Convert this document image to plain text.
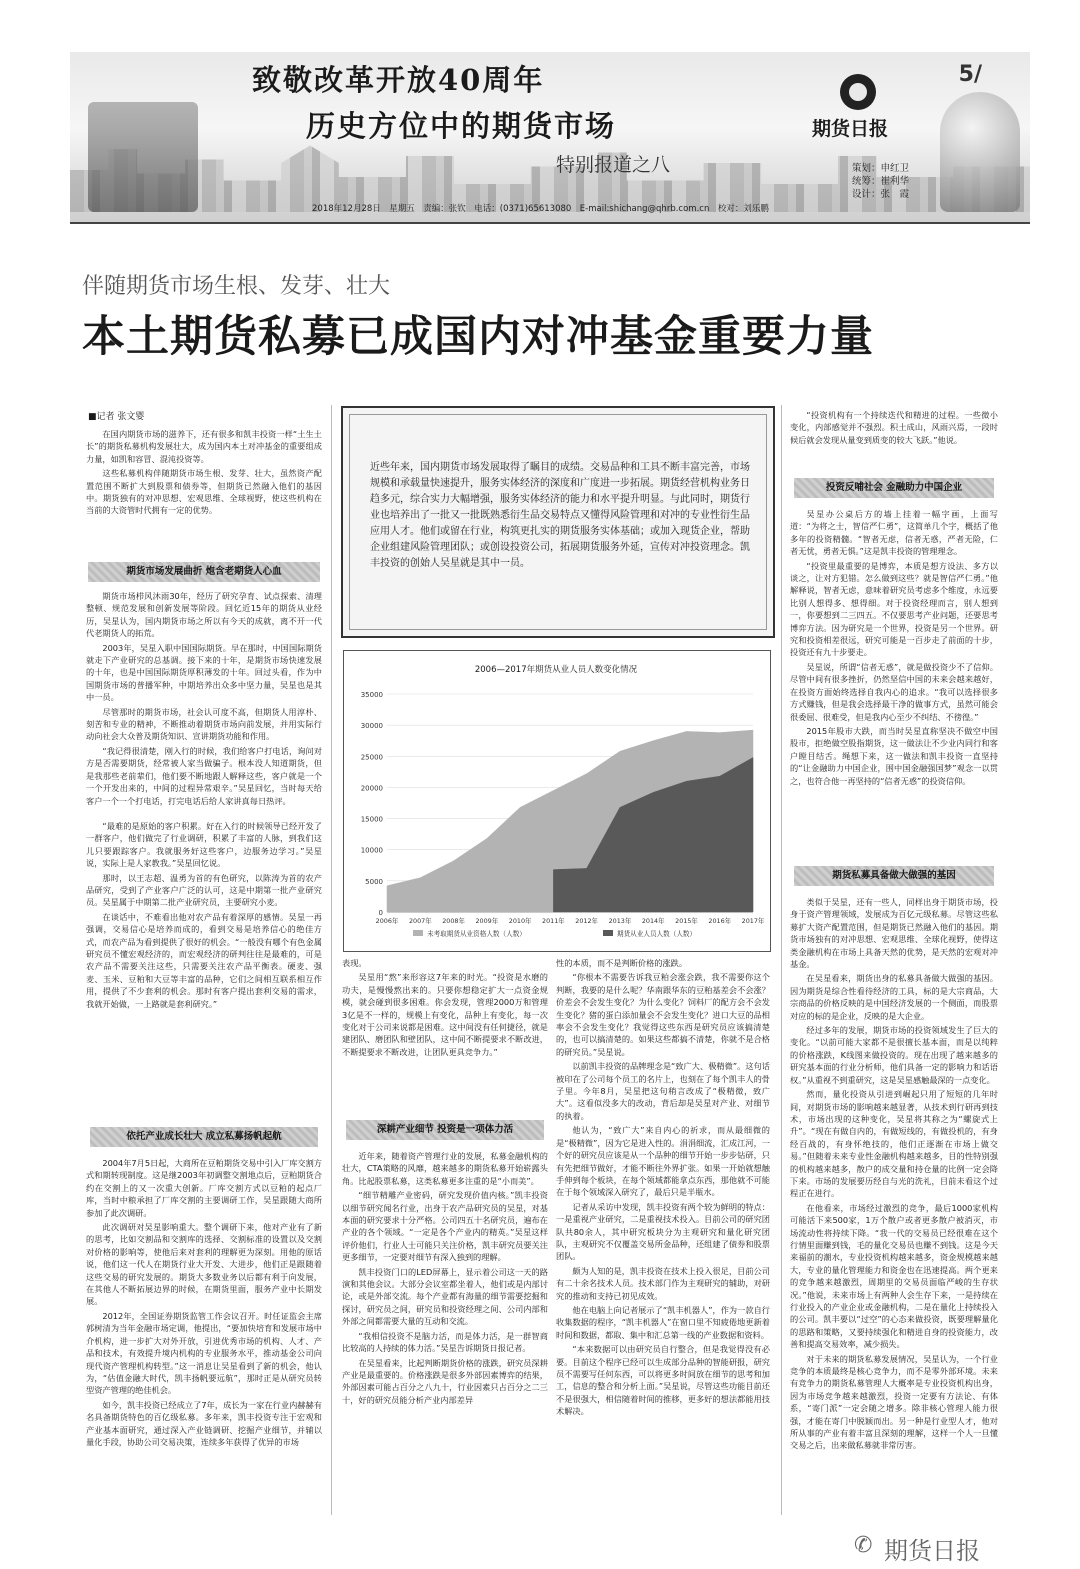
致敬改革开放40周年
历史方位中的期货市场
特别报道之八
5/
期货日报
策划：申红卫
统筹：崔利华
设计：张　霞
2018年12月28日　星期五　责编：张钦　电话：(0371)65613080　E-mail:shichang@qhrb.com.cn　校对：刘乐鹏
伴随期货市场生根、发芽、壮大
本土期货私募已成国内对冲基金重要力量
■记者 张文婴

在国内期货市场的滋养下，还有很多和凯丰投资一样“土生土长”的期货私募机构发展壮大，成为国内本土对冲基金的重要组成力量，如凯和容冒、混沌投资等。

这些私募机构伴随期货市场生根、发芽、壮大，虽然资产配置范围不断扩大到股票和债券等，但期货已然融入他们的基因中。期货独有的对冲思想、宏观思维、全球视野，使这些机构在当前的大资管时代拥有一定的优势。

期货市场发展曲折 炮含老期货人心血

期货市场栉风沐雨30年，经历了研究孕育、试点探索、清理整顿、规范发展和创新发展等阶段。回忆近15年的期货从业经历，吴星认为，国内期货市场之所以有今天的成就，离不开一代代老期货人的拓荒。

2003年，吴星入职中国国际期货。早在那时，中国国际期货就走下产业研究的总基调。接下来的十年，是期货市场快速发展的十年，也是中国国际期货厚积薄发的十年。回过头看，作为中国期货市场的普播军种，中期培养出众多中坚力量，吴星也是其中一员。

尽管那时的期货市场，社会认可度不高，但期货人用淳朴、刻苦和专业的精神，不断推动着期货市场向前发展，并用实际行动向社会大众普及期货知识、宣讲期货功能和作用。

“我记得很清楚，刚入行的时候，我们给客户打电话，询问对方是否需要期货，经常被人家当做骗子。根本没人知道期货，但是我那些老前辈们，他们要不断地跟人解释这些，客户就是一个一个开发出来的，中间的过程异常艰辛。”吴星回忆，当时每天给客户一个一个打电话，打完电话后给人家讲真每日热评。

“最难的是原始的客户积累。好在入行的时候领导已经开发了一群客户，他们做完了行业调研，积累了丰富的人脉，到我们这儿只要跟踪客户。我就服务好这些客户，边服务边学习。”吴星说，实际上是人家教我。”吴星回忆说。

那时，以王志超、温勇为首的有色研究，以陈涛为首的农产品研究，受到了产业客户广泛的认可，这是中期第一批产业研究员。吴星属于中期第二批产业研究员，主要研究小麦。

在谈话中，不难看出他对农产品有着深厚的感情。吴星一再强调，交易信心是培养而成的，看到交易是培养信心的绝佳方式，而农产品为看到提供了很好的机会。“一般没有哪个有色金属研究员不懂宏观经济的，而宏观经济的研判往往是最难的，可是农产品不需要关注这些，只需要关注农产品平衡表。硬麦、强麦、玉米、豆粕和大豆等丰富的品种，它们之间相互联系相互作用，提供了不少套利的机会。那时有客户提出套利交易的需求，我就开始做，一上路就是套利研究。”

依托产业成长壮大 成立私募扬帆起航

2004年7月5日起，大商所在豆粕期货交易中引入厂库交割方式和期转现制度。这是继2003年初调整交割地点后，豆粕期货合约在交割上的又一次重大创新。厂库交割方式以豆粕的起点厂库，当时中粮承担了厂库交割的主要调研工作，吴星跟随大商所参加了此次调研。

此次调研对吴星影响重大。整个调研下来，他对产业有了新的思考，比如交割品和交割库的选择、交割标准的设置以及交割对价格的影响等，使他后来对套利的理解更为深刻。用他的原话说，他们这一代人在期货行业大开发、大进步，他们正是跟随着这些交易的研究发展的。期货大多数业务以后都有利于向发展，在其他人不断拓展边界的时候，在期货里面，服务产业中长期发展。

2012年，全国证券期货监管工作会议召开。时任证监会主席郭树清为当年金融市场定调，他提出，“要加快培育和发展市场中介机构，进一步扩大对外开放，引进优秀市场的机构、人才、产品和技术，有效提升境内机构的专业服务水平，推动基金公司向现代资产管理机构转型。”这一消息让吴星看到了新的机会，他认为，“估值金融大时代，凯丰扬帆要远航”，那时正是从研究员转型资产管理的绝佳机会。

如今，凯丰投资已经成立了7年，成长为一家在行业内赫赫有名具备期货特色的百亿级私募。多年来，凯丰投资专注于宏观和产业基本面研究，通过深入产业链调研、挖掘产业细节，并辅以量化手段，协助公司交易决策，连续多年获得了优异的市场

近些年来，国内期货市场发展取得了瞩目的成绩。交易品种和工具不断丰富完善，市场规模和承载量快速提升，服务实体经济的深度和广度进一步拓展。期货经营机构业务日趋多元，综合实力大幅增强，服务实体经济的能力和水平提升明显。与此同时，期货行业也培养出了一批又一批既熟悉衍生品交易特点又懂得风险管理和对冲的专业性衍生品应用人才。他们或留在行业，构筑更扎实的期货服务实体基础；或加入现货企业，帮助企业组建风险管理团队；或创设投资公司，拓展期货服务外延，宣传对冲投资理念。凯丰投资的创始人吴星就是其中一员。
2006—2017年期货从业人员人数变化情况
0
5000
10000
15000
20000
25000
30000
35000
2006年 2007年 2008年 2009年 2010年 2011年 2012年 2013年 2014年 2015年 2016年 2017年
未考取期货从业资格人数（人数）	期货从业人员人数（人数）

表现。

吴星用“熬”来形容这7年来的时光。“投资是水磨的功夫，是慢慢熬出来的。只要你想稳定扩大一点资金规模，就会碰到很多困难。你会发现，管理2000万和管理3亿是不一样的，规模上有变化，品种上有变化，每一次变化对于公司来说都是困难。这中间没有任何捷径，就是建团队、磨团队和壁团队，这中间不断提要求不断改进，不断提要求不断改进，让团队更具竞争力。”

深耕产业细节 投资是一项体力活

近年来，随着资产管理行业的发展，私募金融机构的壮大，CTA策略的风靡，越来越多的期货私募开始崭露头角。比起股票私募，这类私募更多注重的是“小而美”。

“细节精雕产业密码，研究发现价值内核。”凯丰投资以细节研究闻名行业，出身于农产品研究员的吴星，对基本面的研究要求十分严格。公司四五十名研究员，遍布在产业的各个领域。“一定是各个产业内的精英。”吴星这样评价他们，行业人士可能只关注价格，凯丰研究员要关注更多细节，一定要对细节有深入独到的理解。

凯丰投资门口的LED屏幕上，显示着公司这一天的路演和其他会议。大部分会议室都坐着人，他们或是内部讨论，或是外部交流。每个产业都有海量的细节需要挖掘和探讨，研究员之间，研究员和投资经理之间、公司内部和外部之间都需要大量的互动和交流。

“我相信投资不是脑力活，而是体力活，是一群智商比较高的人持续的体力活。”吴星告诉期货日报记者。

在吴星看来，比起判断期货价格的涨跌，研究员深耕产业是最重要的。价格涨跌是很多外部因素博弈的结果，外部因素可能占百分之八九十，行业因素只占百分之二三十，好的研究员能分析产业内部差异

性的本质，而不是判断价格的涨跌。

“你根本不需要告诉我豆粕会涨会跌，我不需要你这个判断，我要的是什么呢？华南跟华东的豆粕基差会不会涨？价差会不会发生变化？为什么变化？饲料厂的配方会不会发生变化？猪的蛋白添加量会不会发生变化？进口大豆的品相率会不会发生变化？我觉得这些东西是研究员应该搞清楚的，也可以搞清楚的。如果这些都搞不清楚，你就不是合格的研究员。”吴星说。

以前凯丰投资的品牌理念是“致广大、极精微”。这句话被印在了公司每个员工的名片上，也刻在了每个凯丰人的骨子里。今年8月，吴星把这句稍言改成了“极精微，致广大”。这看似没多大的改动，背后却是吴星对产业、对细节的执着。

他认为，“致广大”来自内心的祈求，而从最细微的是“极精微”，因为它是进入性的。涓涓细流，汇成江河，一个好的研究员应该是从一个品种的细节开始一步步钻研，只有先把细节做好，才能不断往外界扩张。如果一开始就想触手伸到每个板块，在每个领域都能拿点东西，那他就不可能在于每个领域深入研究了，最后只是半瓶水。

记者从采访中发现，凯丰投资有两个较为鲜明的特点：一是重视产业研究，二是重视技术投入。目前公司的研究团队共80余人，其中研究板块分为主观研究和量化研究团队，主观研究不仅覆盖交易所金品种，还组建了债券和股票团队。

颇为人知的是，凯丰投资在技术上投入很足，目前公司有二十余名技术人员。技术部门作为主观研究的辅助，对研究的推动和支持已初见成效。

他在电脑上向记者展示了“凯丰机器人”，作为一款自行收集数据的程序，“凯丰机器人”在窗口里不知疲倦地更新着时间和数据，都取、集中和汇总第一线的产业数据和资料。

“本来数据可以由研究员自行整合，但是我觉得没有必要。目前这个程序已经可以生成部分品种的智能研报，研究员不需要写任何东西，可以将更多时间放在细节的思考和加工，信息的整合和分析上面。”吴星说，尽管这些功能目前还不是很强大，相信随着时间的推移，更多好的想法都能用技术解决。

“投资机构有一个持续迭代和精进的过程。一些微小变化，内部感觉并不强烈。积土成山，风雨兴焉，一段时候后就会发现从量变到质变的较大飞跃。”他说。

投资反哺社会 金融助力中国企业

吴星办公桌后方的墙上挂着一幅字画，上面写道：“为将之士，智信严仁勇”，这简单几个字，概括了他多年的投资精髓。“智者无虑，信者无惑，严者无险，仁者无忧，勇者无惧。”这是凯丰投资的管理理念。

“投资里最重要的是博弈，本质是想方设法、多方以谈之，让对方犯错。怎么做到这些？就是智信严仁勇。”他解释说，智者无虑，意味着研究员考虑多个维度，永远要比别人想得多、想得细。对于投资经理而言，别人想到一，你要想到二三四五。不仅要思考产业问题，还要思考博弈方法。因为研究是一个世界，投资是另一个世界。研究和投资相差很远，研究可能是一百步走了前面的十步，投资还有九十步要走。

吴星说，所谓“信者无惑”，就是做投资少不了信仰。尽管中间有很多挫折，仍然坚信中国的未来会越来越好，在投资方面始终选择自我内心的追求。“我可以选择很多方式赚钱，但是我会选择最干净的做事方式，虽然可能会很委屈、很难受，但是我内心至少不纠结、不徬徨。”

2015年股市大跌，而当时吴星直称坚决不做空中国股市，拒绝做空股指期货，这一做法让不少业内同行和客户瞠目结舌。绳想下来，这一做法和凯丰投资一直坚持的“让金融助力中国企业，围中国金融强国梦”观念一以贯之，也符合他一再坚持的“信者无惑”的投资信仰。

期货私募具备做大做强的基因

类似于吴星，还有一些人，同样出身于期货市场，投身于资产管理领域，发展成为百亿元级私募。尽管这些私募扩大资产配置范围，但是期货已然融入他们的基因。期货市场独有的对冲思想、宏观思维、全球化视野，使得这类金融机构在市场上具备天然的优势，是天然的宏观对冲基金。

在吴星看来，期货出身的私募具备做大做强的基因。因为期货是综合性看待经济的工具，标的是大宗商品，大宗商品的价格反映的是中国经济发展的一个侧面，而股票对应的标的是企业，反映的是大企业。

经过多年的发展，期货市场的投资领域发生了巨大的变化。“以前可能大家都不是很擅长基本面，而是以纯粹的价格涨跌，K线图来做投资的。现在出现了越来越多的研究基本面的行业分析师，他们具备一定的影响力和话语权。”从重视不到重研究，这是吴星感触最深的一点变化。

然而，量化投资从引进到崛起只用了短短的几年时间，对期货市场的影响越来越显著，从技术到行研再到技术，市场出现的这种变化，吴星将其称之为“螺旋式上升”。“现在有做自内的，有做短线的，有做投机的，有身经百战的，有身怀绝技的，他们正逐渐在市场上做交易。”但随着未来专业性金融机构越来越多，目的性特别强的机构越来越多，散户的成交量和持仓量的比例一定会降下来。市场的发展要历经自与光的洗礼，目前未看这个过程正在进行。

在他看来，市场经过激烈的竞争，最后1000家机构可能活下来500家，1万个散户或者更多散户被消灭，市场流动性将持续下降。“我一代的交易员已经很难在这个行情里面赚到钱，毛的量化交易员也赚不到钱。这是今天来福前的潮水，专业投资机构越来越多，资金规模越来越大，专业的量化管理能力和资金也在迅速提高。两个更来的竞争越来越激烈，周期里的交易员面临严峻的生存状况。”他说，未来市场上有两种人会生存下来，一是持续在行业投入的产业企业或金融机构，二是在量化上持续投入的公司。凯丰要以“过空”的心态来做投资，既要理解量化的思路和策略，又要持续强化和精进自身的投资能力，改善和提高交易效率，减少损失。

对于未来的期货私募发展情况，吴星认为，一个行业竞争的本质最终是核心竞争力，而不是零外部环境。未来有竞争力的期货私募管理人大概率是专业投资机构出身，因为市场竞争越来越激烈，投资一定要有方法论、有体系，“寄门派”一定会随之增多。除非核心管理人能力很强，才能在寄门中脱颖而出。另一种是行业型人才，他对所从事的产业有着丰富且深刻的理解，这样一个人一旦懂交易之后，出来做私募就非常厉害。

✆ 期货日报
